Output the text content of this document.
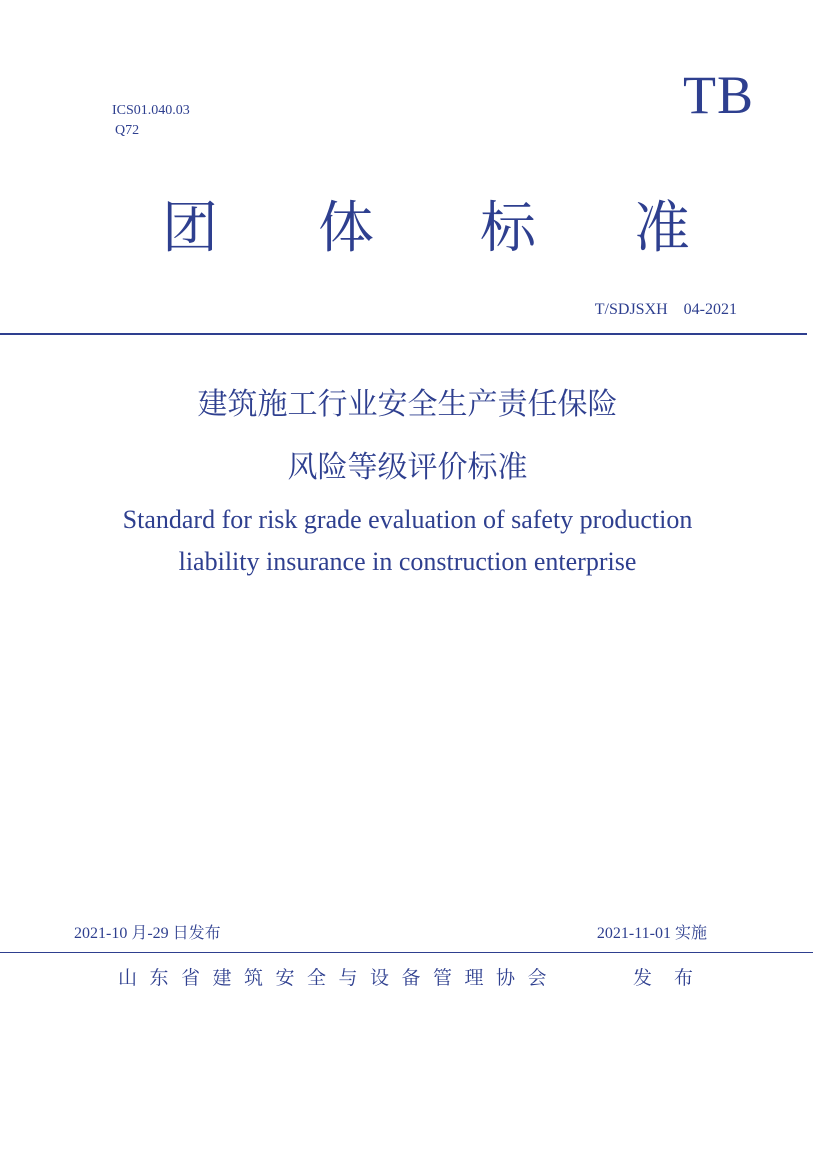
ICS01.040.03
Q72
TB
团 体 标 准
T/SDJSXH    04-2021
建筑施工行业安全生产责任保险
风险等级评价标准
Standard for risk grade evaluation of safety production
liability insurance in construction enterprise
2021-10 月-29 日发布	2021-11-01 实施
山东省建筑安全与设备管理协会	发布
